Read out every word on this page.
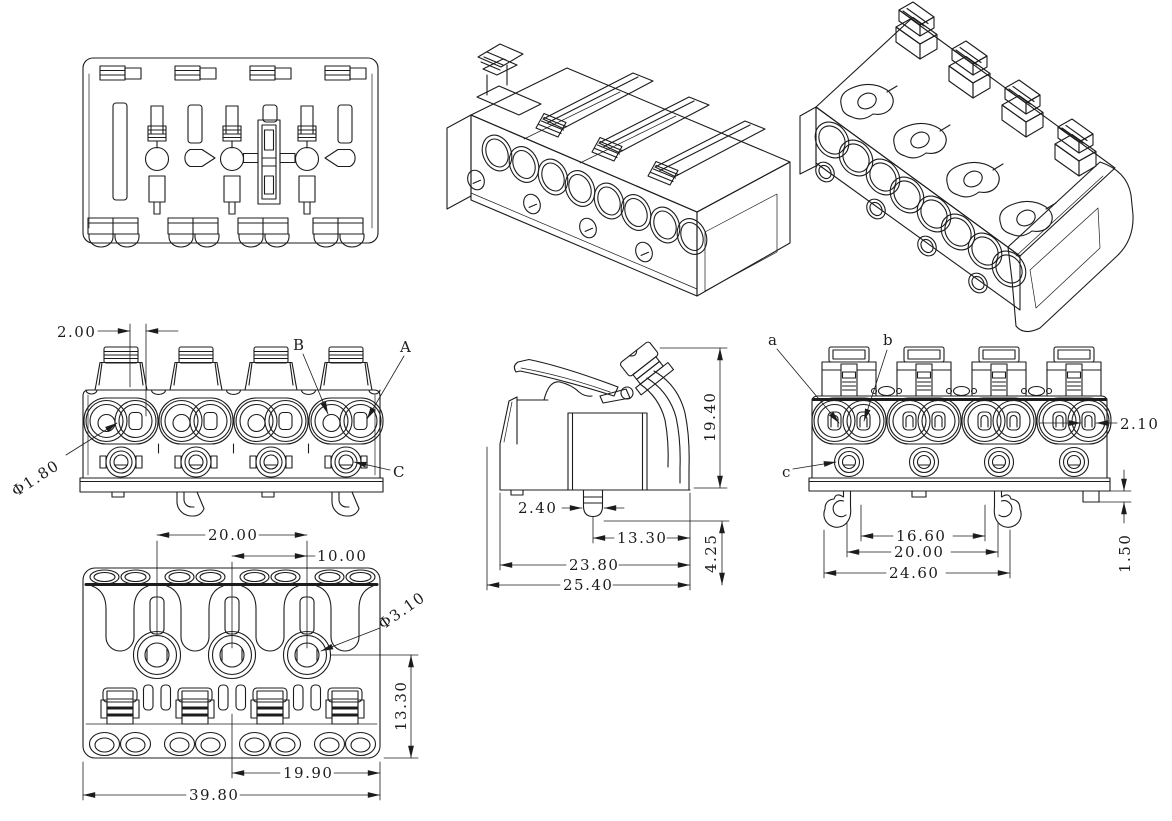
2.00
Φ1.80
B	A
C
19.40
2.40
13.30
23.80
25.40
4.25
a	b
c
2.10
16.60
20.00
24.60	1.50
20.00
10.00
Φ3.10
13.30
19.90
39.80
